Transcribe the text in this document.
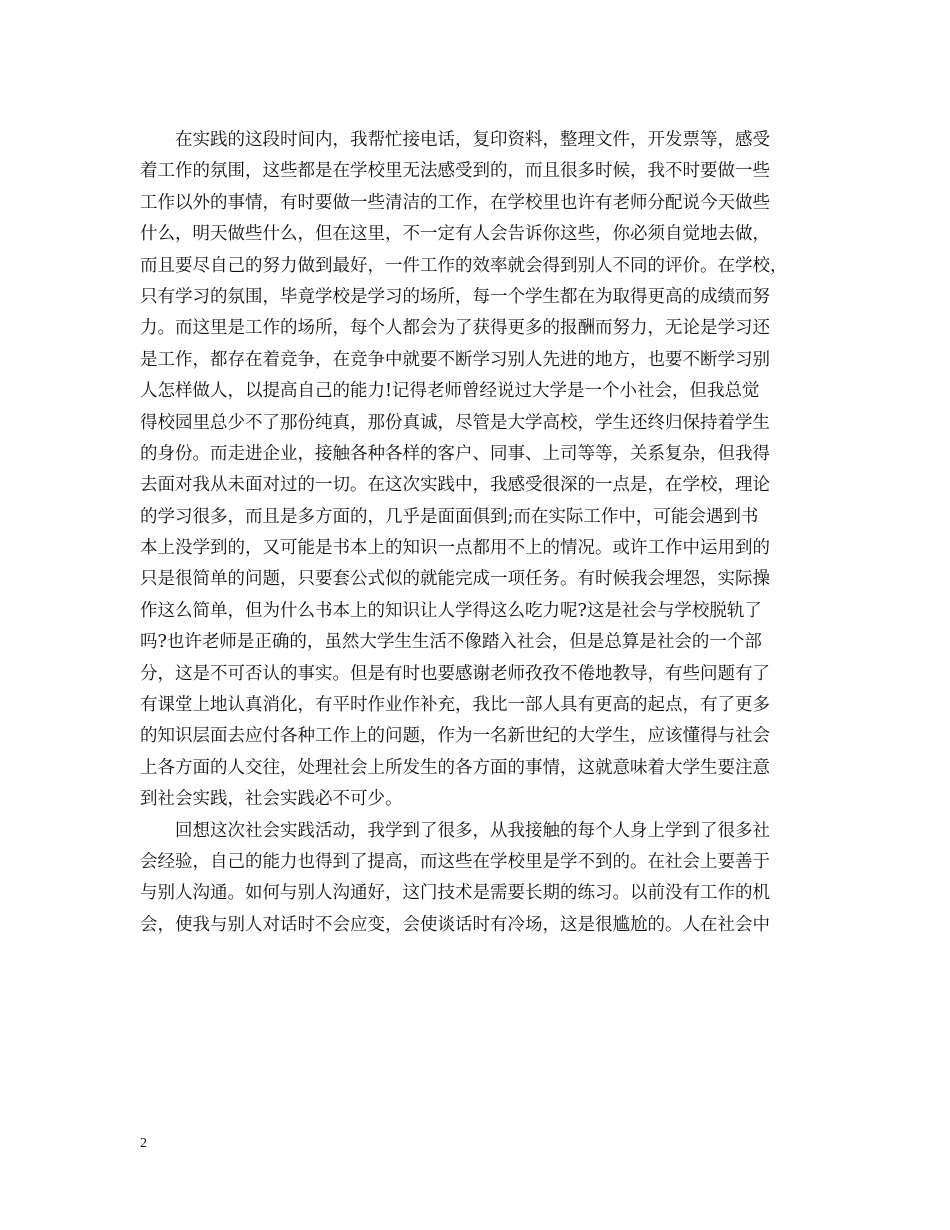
　　在实践的这段时间内，我帮忙接电话，复印资料，整理文件，开发票等，感受
着工作的氛围，这些都是在学校里无法感受到的，而且很多时候，我不时要做一些
工作以外的事情，有时要做一些清洁的工作，在学校里也许有老师分配说今天做些
什么，明天做些什么，但在这里，不一定有人会告诉你这些，你必须自觉地去做，
而且要尽自己的努力做到最好，一件工作的效率就会得到别人不同的评价。在学校，
只有学习的氛围，毕竟学校是学习的场所，每一个学生都在为取得更高的成绩而努
力。而这里是工作的场所，每个人都会为了获得更多的报酬而努力，无论是学习还
是工作，都存在着竞争，在竞争中就要不断学习别人先进的地方，也要不断学习别
人怎样做人，以提高自己的能力!记得老师曾经说过大学是一个小社会，但我总觉
得校园里总少不了那份纯真，那份真诚，尽管是大学高校，学生还终归保持着学生
的身份。而走进企业，接触各种各样的客户、同事、上司等等，关系复杂，但我得
去面对我从未面对过的一切。在这次实践中，我感受很深的一点是，在学校，理论
的学习很多，而且是多方面的，几乎是面面俱到;而在实际工作中，可能会遇到书
本上没学到的，又可能是书本上的知识一点都用不上的情况。或许工作中运用到的
只是很简单的问题，只要套公式似的就能完成一项任务。有时候我会埋怨，实际操
作这么简单，但为什么书本上的知识让人学得这么吃力呢?这是社会与学校脱轨了
吗?也许老师是正确的，虽然大学生生活不像踏入社会，但是总算是社会的一个部
分，这是不可否认的事实。但是有时也要感谢老师孜孜不倦地教导，有些问题有了
有课堂上地认真消化，有平时作业作补充，我比一部人具有更高的起点，有了更多
的知识层面去应付各种工作上的问题，作为一名新世纪的大学生，应该懂得与社会
上各方面的人交往，处理社会上所发生的各方面的事情，这就意味着大学生要注意
到社会实践，社会实践必不可少。
　　回想这次社会实践活动，我学到了很多，从我接触的每个人身上学到了很多社
会经验，自己的能力也得到了提高，而这些在学校里是学不到的。在社会上要善于
与别人沟通。如何与别人沟通好，这门技术是需要长期的练习。以前没有工作的机
会，使我与别人对话时不会应变，会使谈话时有冷场，这是很尴尬的。人在社会中
2
